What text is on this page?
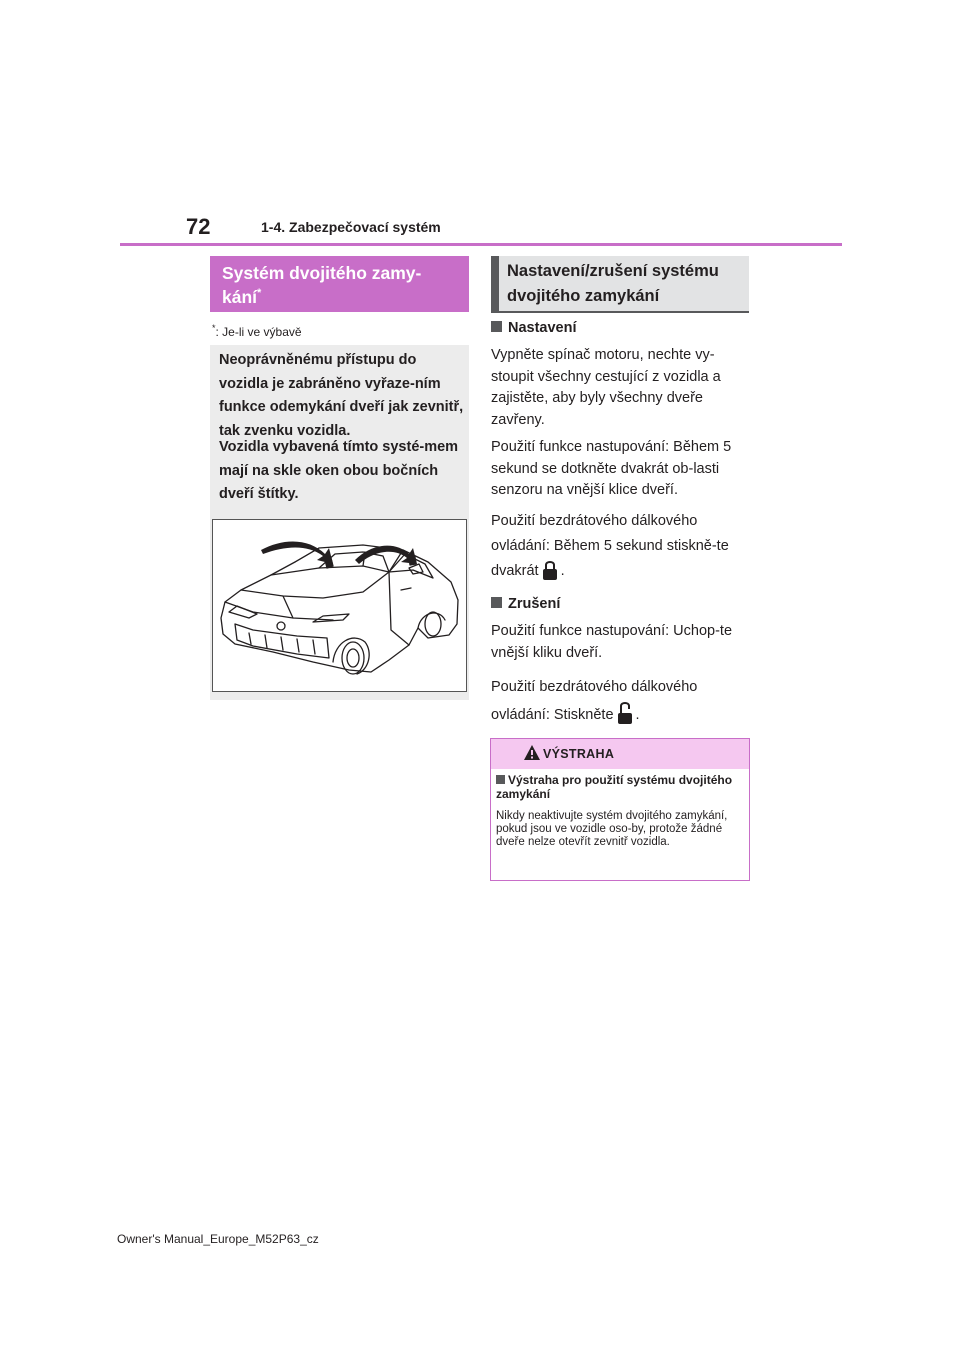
72	1-4. Zabezpečovací systém
Systém dvojitého zamy-kání*
*: Je-li ve výbavě
Neoprávněnému přístupu do vozidla je zabráněno vyřaze-ním funkce odemykání dveří jak zevnitř, tak zvenku vozidla.
Vozidla vybavená tímto systé-mem mají na skle oken obou bočních dveří štítky.
Nastavení/zrušení systému dvojitého zamykání
Nastavení
Vypněte spínač motoru, nechte vy-stoupit všechny cestující z vozidla a zajistěte, aby byly všechny dveře zavřeny.
Použití funkce nastupování: Během 5 sekund se dotkněte dvakrát ob-lasti senzoru na vnější klice dveří.
Použití bezdrátového dálkového ovládání: Během 5 sekund stiskně-te dvakrát .
Zrušení
Použití funkce nastupování: Uchop-te vnější kliku dveří.
Použití bezdrátového dálkového ovládání: Stiskněte .
VÝSTRAHA
Výstraha pro použití systému dvojitého zamykání
Nikdy neaktivujte systém dvojitého zamykání, pokud jsou ve vozidle oso-by, protože žádné dveře nelze otevřít zevnitř vozidla.
Owner's Manual_Europe_M52P63_cz
